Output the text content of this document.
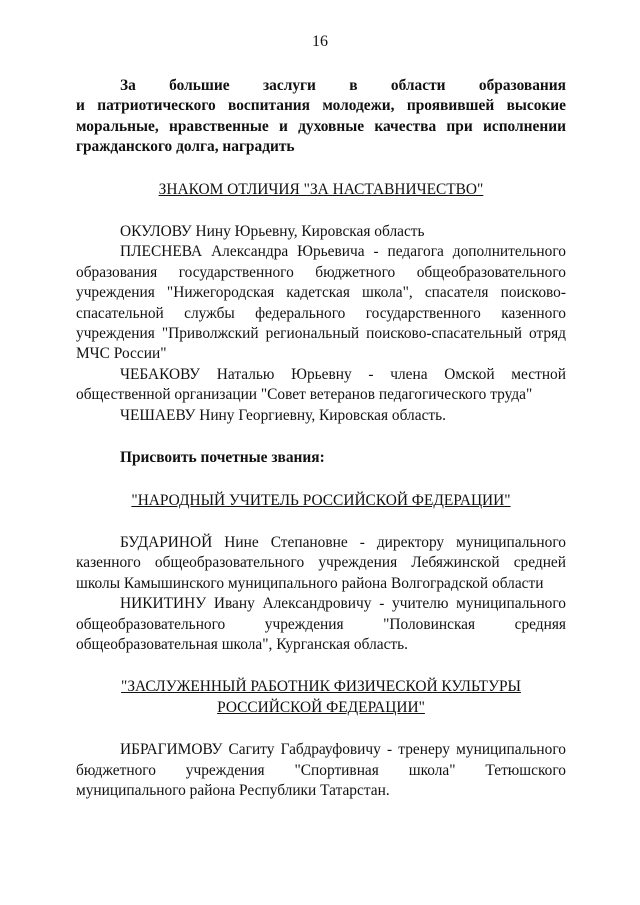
16

За большие заслуги в области образования
и патриотического воспитания молодежи, проявившей высокие моральные, нравственные и духовные качества при исполнении гражданского долга, наградить

ЗНАКОМ ОТЛИЧИЯ "ЗА НАСТАВНИЧЕСТВО"

ОКУЛОВУ Нину Юрьевну, Кировская область

ПЛЕСНЕВА Александра Юрьевича - педагога дополнительного образования государственного бюджетного общеобразовательного учреждения "Нижегородская кадетская школа", спасателя поисково-спасательной службы федерального государственного казенного учреждения "Приволжский региональный поисково-спасательный отряд МЧС России"

ЧЕБАКОВУ Наталью Юрьевну - члена Омской местной общественной организации "Совет ветеранов педагогического труда"

ЧЕШАЕВУ Нину Георгиевну, Кировская область.

Присвоить почетные звания:

"НАРОДНЫЙ УЧИТЕЛЬ РОССИЙСКОЙ ФЕДЕРАЦИИ"

БУДАРИНОЙ Нине Степановне - директору муниципального казенного общеобразовательного учреждения Лебяжинской средней школы Камышинского муниципального района Волгоградской области

НИКИТИНУ Ивану Александровичу - учителю муниципального общеобразовательного учреждения "Половинская средняя общеобразовательная школа", Курганская область.

"ЗАСЛУЖЕННЫЙ РАБОТНИК ФИЗИЧЕСКОЙ КУЛЬТУРЫ
РОССИЙСКОЙ ФЕДЕРАЦИИ"

ИБРАГИМОВУ Сагиту Габдрауфовичу - тренеру муниципального бюджетного учреждения "Спортивная школа" Тетюшского муниципального района Республики Татарстан.
